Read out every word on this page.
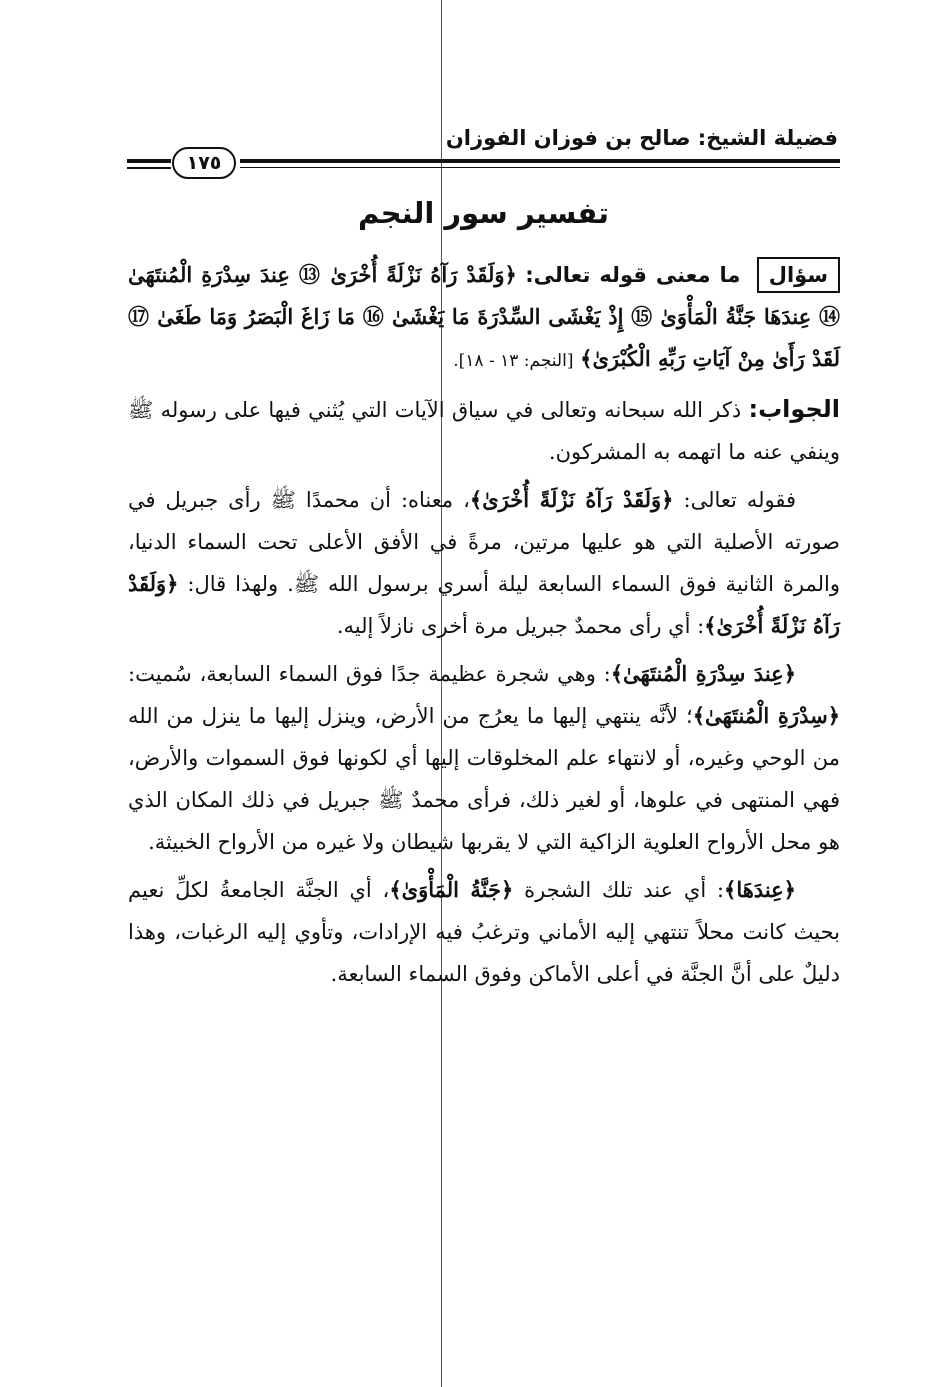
فضيلة الشيخ: صالح بن فوزان الفوزان
١٧٥
تفسير سور النجم

سؤال ما معنى قوله تعالى: ﴿وَلَقَدْ رَآهُ نَزْلَةً أُخْرَىٰ ⑬ عِندَ سِدْرَةِ الْمُنتَهَىٰ ⑭ عِندَهَا جَنَّةُ الْمَأْوَىٰ ⑮ إِذْ يَغْشَى السِّدْرَةَ مَا يَغْشَىٰ ⑯ مَا زَاغَ الْبَصَرُ وَمَا طَغَىٰ ⑰ لَقَدْ رَأَىٰ مِنْ آيَاتِ رَبِّهِ الْكُبْرَىٰ﴾ [النجم: ١٣ - ١٨].

الجواب: ذكر الله سبحانه وتعالى في سياق الآيات التي يُثني فيها على رسوله ﷺ وينفي عنه ما اتهمه به المشركون.

فقوله تعالى: ﴿وَلَقَدْ رَآهُ نَزْلَةً أُخْرَىٰ﴾، معناه: أن محمدًا ﷺ رأى جبريل في صورته الأصلية التي هو عليها مرتين، مرةً في الأفق الأعلى تحت السماء الدنيا، والمرة الثانية فوق السماء السابعة ليلة أسري برسول الله ﷺ. ولهذا قال: ﴿وَلَقَدْ رَآهُ نَزْلَةً أُخْرَىٰ﴾: أي رأى محمدٌ جبريل مرة أخرى نازلاً إليه.

﴿عِندَ سِدْرَةِ الْمُنتَهَىٰ﴾: وهي شجرة عظيمة جدًا فوق السماء السابعة، سُميت: ﴿سِدْرَةِ الْمُنتَهَىٰ﴾؛ لأنَّه ينتهي إليها ما يعرُج من الأرض، وينزل إليها ما ينزل من الله من الوحي وغيره، أو لانتهاء علم المخلوقات إليها أي لكونها فوق السموات والأرض، فهي المنتهى في علوها، أو لغير ذلك، فرأى محمدٌ ﷺ جبريل في ذلك المكان الذي هو محل الأرواح العلوية الزاكية التي لا يقربها شيطان ولا غيره من الأرواح الخبيثة.

﴿عِندَهَا﴾: أي عند تلك الشجرة ﴿جَنَّةُ الْمَأْوَىٰ﴾، أي الجنَّة الجامعةُ لكلِّ نعيم بحيث كانت محلاً تنتهي إليه الأماني وترغبُ فيه الإرادات، وتأوي إليه الرغبات، وهذا دليلٌ على أنَّ الجنَّة في أعلى الأماكن وفوق السماء السابعة.
